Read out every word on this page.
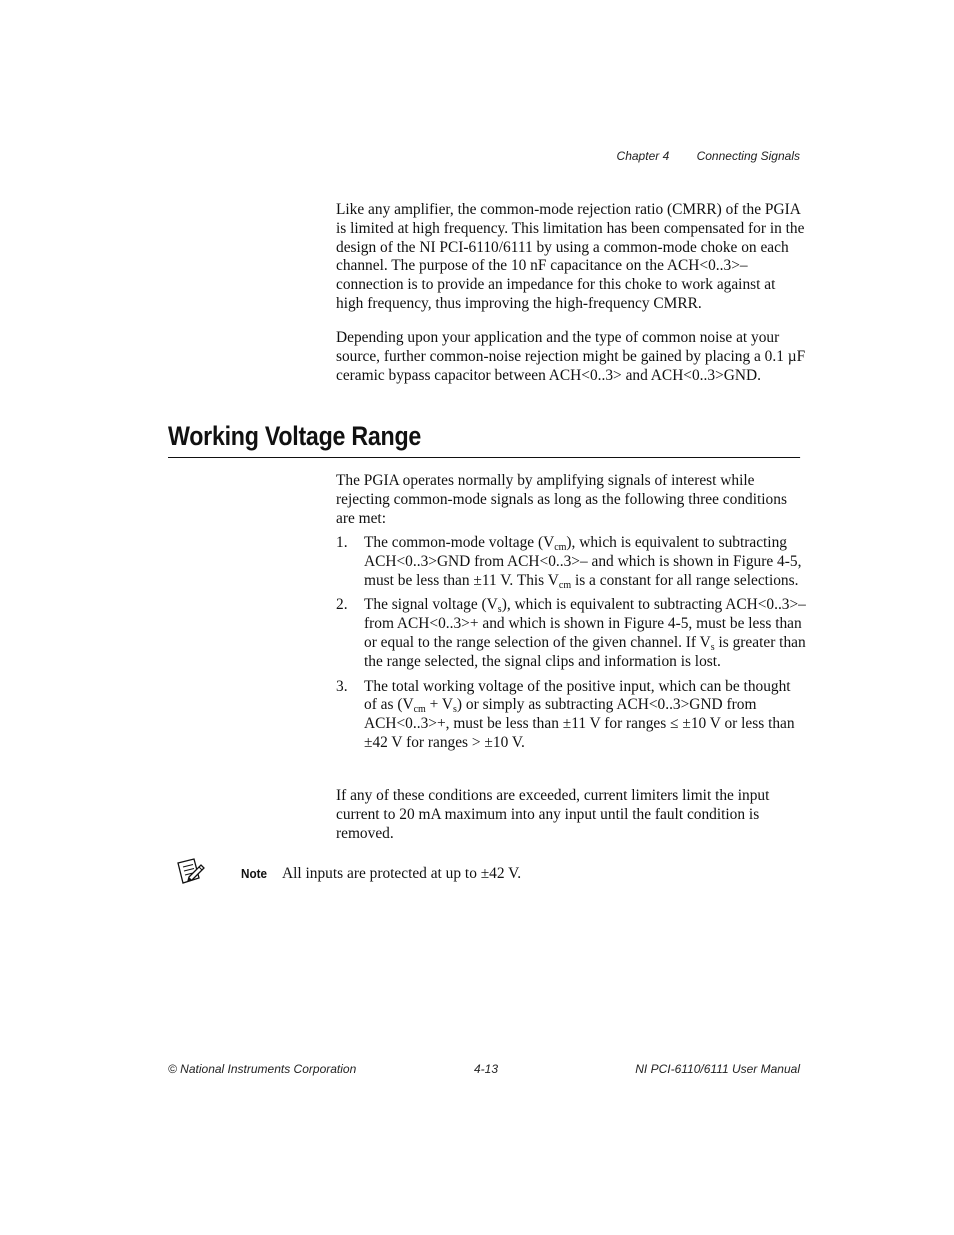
Chapter 4 Connecting Signals

Like any amplifier, the common-mode rejection ratio (CMRR) of the PGIA is limited at high frequency. This limitation has been compensated for in the design of the NI PCI-6110/6111 by using a common-mode choke on each channel. The purpose of the 10 nF capacitance on the ACH<0..3>– connection is to provide an impedance for this choke to work against at high frequency, thus improving the high-frequency CMRR.

Depending upon your application and the type of common noise at your source, further common-noise rejection might be gained by placing a 0.1 µF ceramic bypass capacitor between ACH<0..3> and ACH<0..3>GND.

Working Voltage Range

The PGIA operates normally by amplifying signals of interest while rejecting common-mode signals as long as the following three conditions are met:

1. The common-mode voltage $(V_{cm})$, which is equivalent to subtracting ACH<0..3>GND from ACH<0..3>– and which is shown in Figure 4-5, must be less than ±11 V. This $V_{cm}$ is a constant for all range selections.
2. The signal voltage $(V_s)$, which is equivalent to subtracting ACH<0..3>– from ACH<0..3>+ and which is shown in Figure 4-5, must be less than or equal to the range selection of the given channel. If $V_s$ is greater than the range selected, the signal clips and information is lost.
3. The total working voltage of the positive input, which can be thought of as $(V_{cm} + V_s)$ or simply as subtracting ACH<0..3>GND from ACH<0..3>+, must be less than ±11 V for ranges ≤ ±10 V or less than ±42 V for ranges > ±10 V.

If any of these conditions are exceeded, current limiters limit the input current to 20 mA maximum into any input until the fault condition is removed.

Note All inputs are protected at up to ±42 V.
© National Instruments Corporation	4-13	NI PCI-6110/6111 User Manual
